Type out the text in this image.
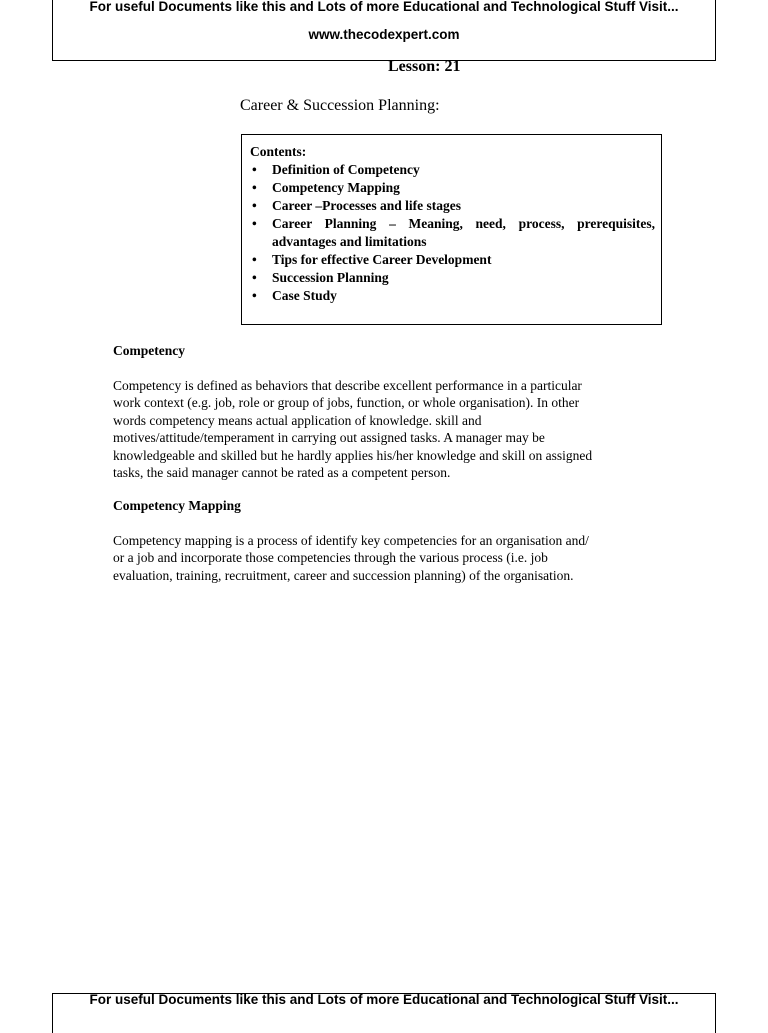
For useful Documents like this and Lots of more Educational and Technological Stuff Visit...
www.thecodexpert.com
Lesson: 21
Career & Succession Planning:
Contents:
• Definition of Competency
• Competency Mapping
• Career –Processes and life stages
• Career Planning – Meaning, need, process, prerequisites, advantages and limitations
• Tips for effective Career Development
• Succession Planning
• Case Study
Competency
Competency is defined as behaviors that describe excellent performance in a particular
work context (e.g. job, role or group of jobs, function, or whole organisation). In other
words competency means actual application of knowledge. skill and
motives/attitude/temperament in carrying out assigned tasks. A manager may be
knowledgeable and skilled but he hardly applies his/her knowledge and skill on assigned
tasks, the said manager cannot be rated as a competent person.
Competency Mapping
Competency mapping is a process of identify key competencies for an organisation and/
or a job and incorporate those competencies through the various process (i.e. job
evaluation, training, recruitment, career and succession planning) of the organisation.
For useful Documents like this and Lots of more Educational and Technological Stuff Visit...
